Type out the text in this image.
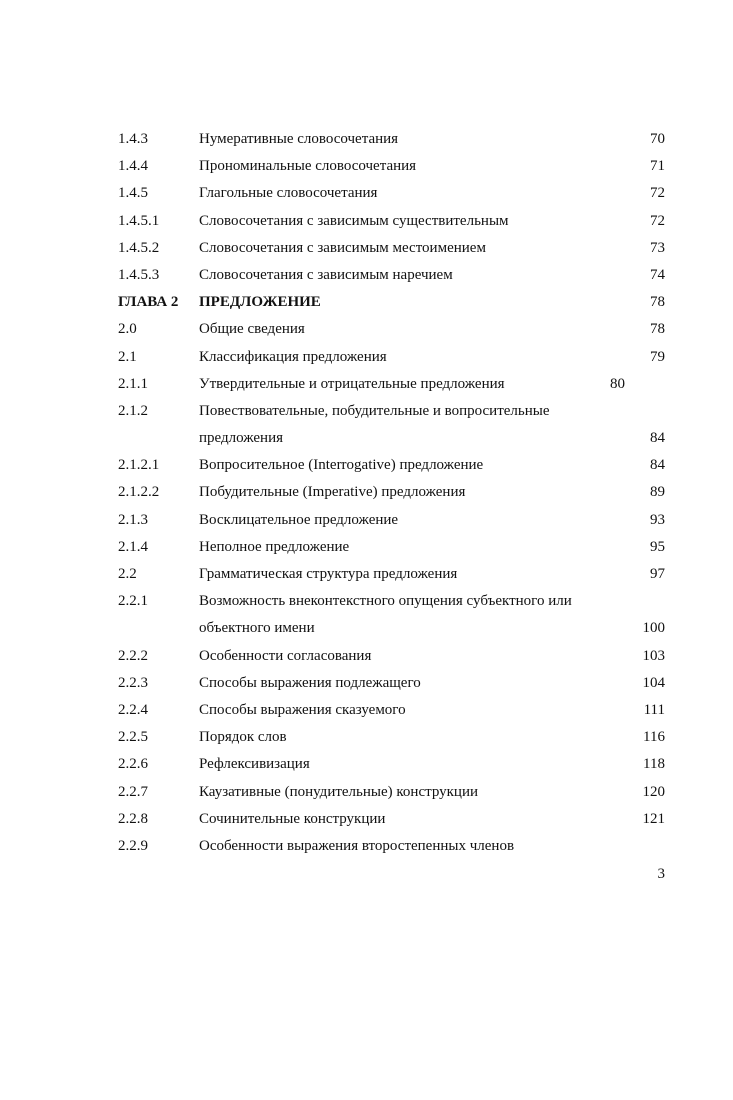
1.4.3	Нумеративные словосочетания	70
1.4.4	Прономинальные словосочетания	71
1.4.5	Глагольные словосочетания	72
1.4.5.1	Словосочетания с зависимым существительным	72
1.4.5.2	Словосочетания с зависимым местоимением	73
1.4.5.3	Словосочетания с зависимым наречием	74
ГЛАВА 2 ПРЕДЛОЖЕНИЕ	78
2.0	Общие сведения	78
2.1	Классификация предложения	79
2.1.1	Утвердительные и отрицательные предложения	80
2.1.2	Повествовательные, побудительные и вопросительные
предложения	84
2.1.2.1	Вопросительное (Interrogative) предложение	84
2.1.2.2	Побудительные (Imperative) предложения	89
2.1.3	Восклицательное предложение	93
2.1.4	Неполное предложение	95
2.2	Грамматическая структура предложения	97
2.2.1	Возможность внеконтекстного опущения субъектного или
объектного имени	100
2.2.2	Особенности согласования	103
2.2.3	Способы выражения подлежащего	104
2.2.4	Способы выражения сказуемого	111
2.2.5	Порядок слов	116
2.2.6	Рефлексивизация	118
2.2.7	Каузативные (понудительные) конструкции	120
2.2.8	Сочинительные конструкции	121
2.2.9	Особенности выражения второстепенных членов
3
